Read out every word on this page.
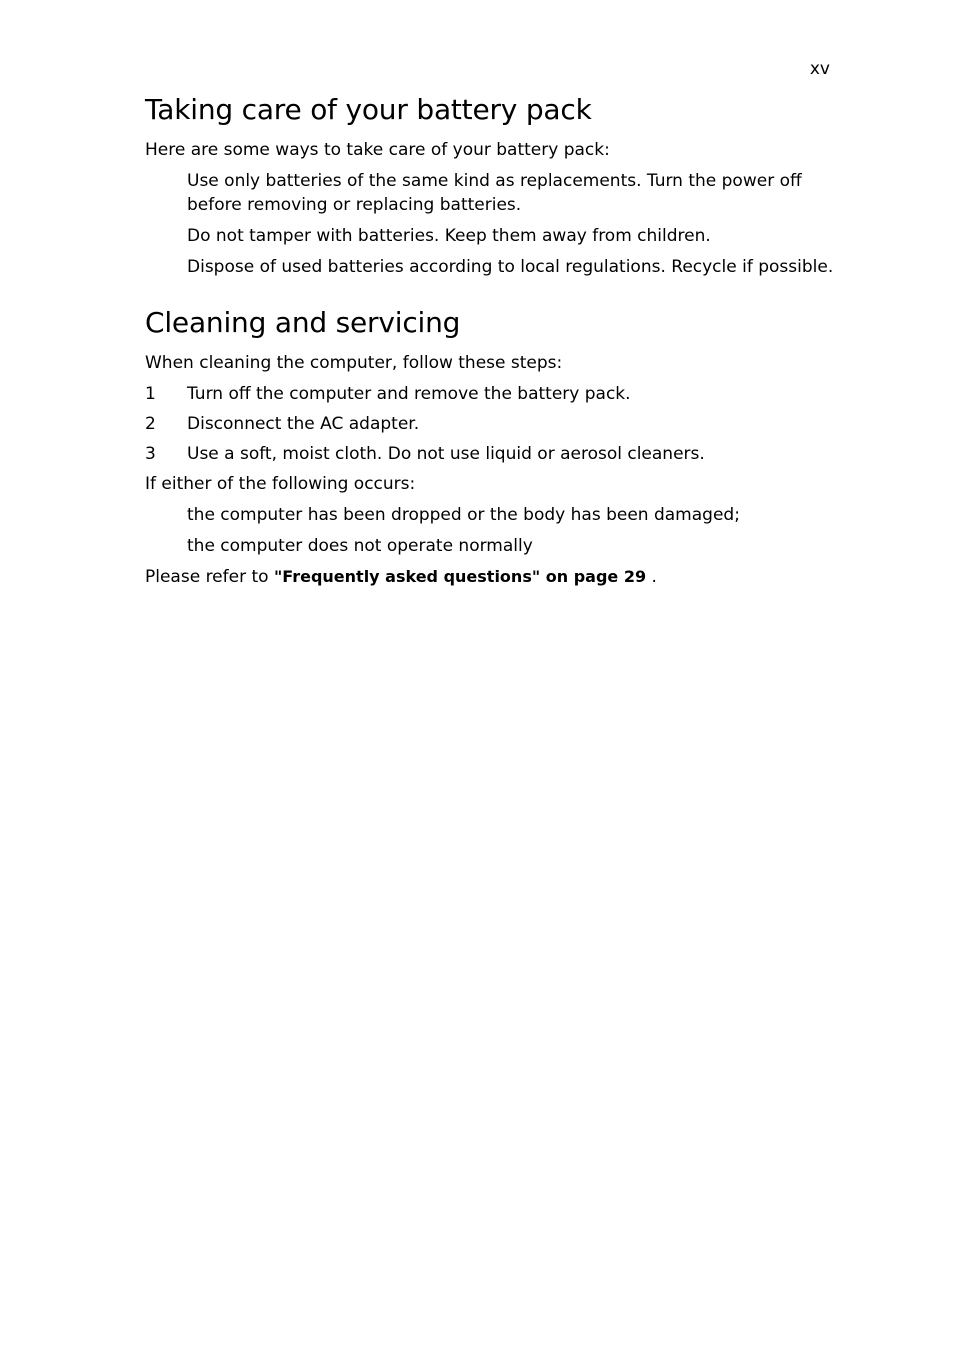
xv
Taking care of your battery pack

Here are some ways to take care of your battery pack:

Use only batteries of the same kind as replacements. Turn the power off before removing or replacing batteries.

Do not tamper with batteries. Keep them away from children.

Dispose of used batteries according to local regulations. Recycle if possible.

Cleaning and servicing

When cleaning the computer, follow these steps:

1	Turn off the computer and remove the battery pack.
2	Disconnect the AC adapter.
3	Use a soft, moist cloth. Do not use liquid or aerosol cleaners.

If either of the following occurs:

the computer has been dropped or the body has been damaged;

the computer does not operate normally

Please refer to "Frequently asked questions" on page 29 .
